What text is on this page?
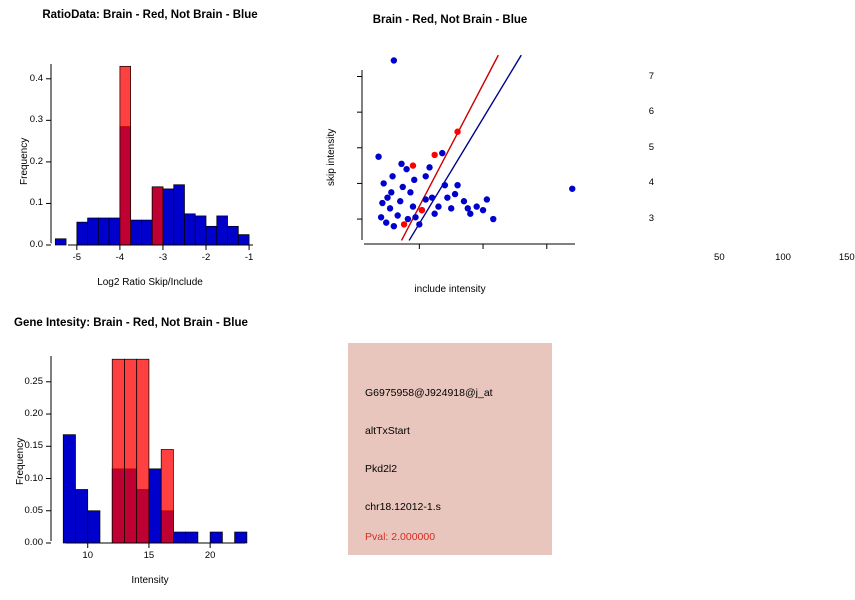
RatioData: Brain - Red, Not Brain - Blue
Frequency
Log2 Ratio Skip/Include
-5	-4	-3	-2	-1
0.0
0.1
0.2
0.3
0.4
Brain - Red, Not Brain - Blue
skip intensity
include intensity
50	100	150
3
4
5
6
7
Gene Intesity: Brain - Red, Not Brain - Blue
Frequency
Intensity
10	15	20
0.00
0.05
0.10
0.15
0.20
0.25
G6975958@J924918@j_at
altTxStart
Pkd2l2
chr18.12012-1.s
Pval: 2.000000
